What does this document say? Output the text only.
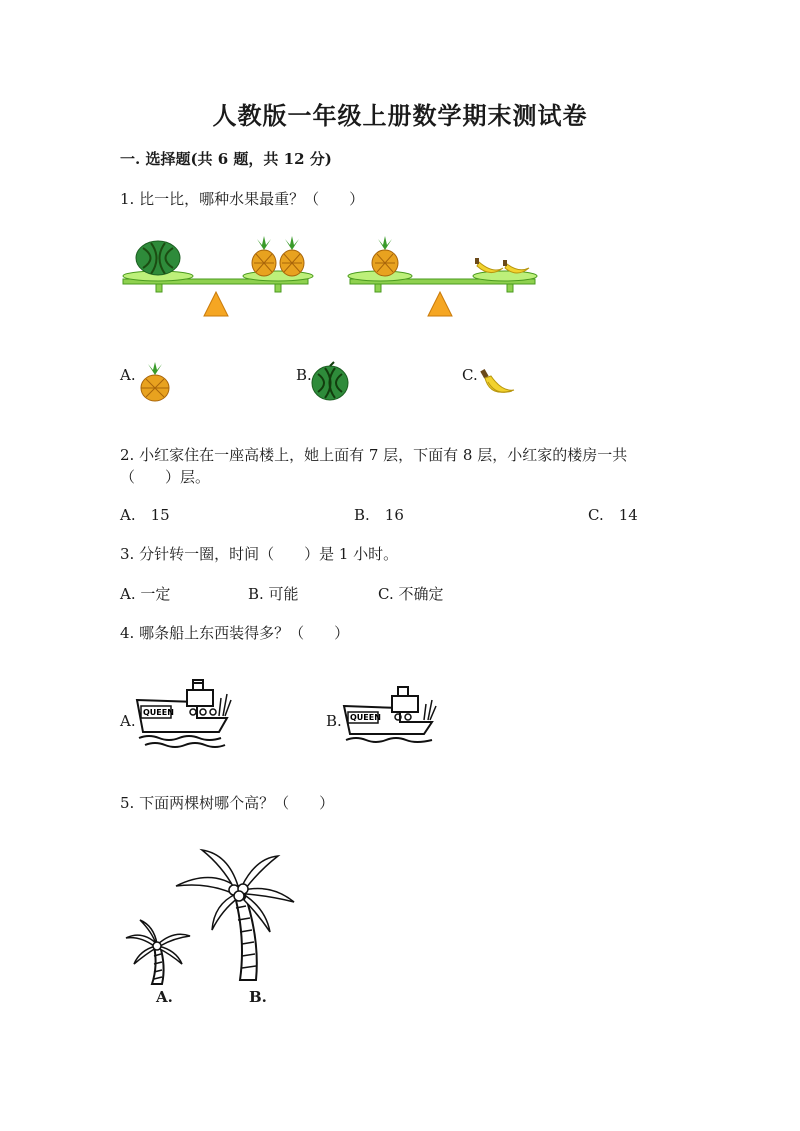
人教版一年级上册数学期末测试卷
一. 选择题(共 6 题，共 12 分)
1. 比一比，哪种水果最重？（　　）
A.	B.	C.
2. 小红家住在一座高楼上，她上面有 7 层，下面有 8 层，小红家的楼房一共
（　　）层。
A.　15	B.　16	C.　14
3. 分针转一圈，时间（　　）是 1 小时。
A. 一定	B. 可能	C. 不确定
4. 哪条船上东西装得多？（　　）
A. QUEEN	B. QUEEN
5. 下面两棵树哪个高？（　　）
A.	B.
